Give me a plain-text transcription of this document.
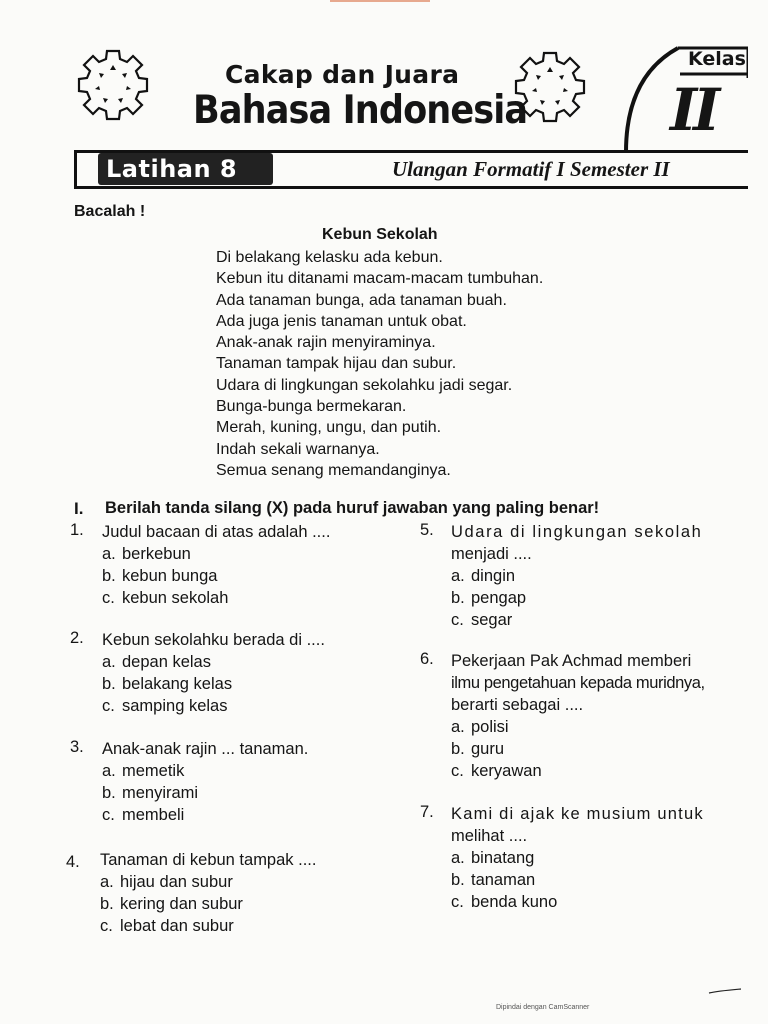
Cakap dan Juara
Bahasa Indonesia
Kelas
II
Latihan 8	Ulangan Formatif I Semester II
Bacalah !
Kebun Sekolah
Di belakang kelasku ada kebun.
Kebun itu ditanami macam-macam tumbuhan.
Ada tanaman bunga, ada tanaman buah.
Ada juga jenis tanaman untuk obat.
Anak-anak rajin menyiraminya.
Tanaman tampak hijau dan subur.
Udara di lingkungan sekolahku jadi segar.
Bunga-bunga bermekaran.
Merah, kuning, ungu, dan putih.
Indah sekali warnanya.
Semua senang memandanginya.
I. Berilah tanda silang (X) pada huruf jawaban yang paling benar!
1. Judul bacaan di atas adalah ....
a. berkebun
b. kebun bunga
c. kebun sekolah
2. Kebun sekolahku berada di ....
a. depan kelas
b. belakang kelas
c. samping kelas
3. Anak-anak rajin ... tanaman.
a. memetik
b. menyirami
c. membeli
4. Tanaman di kebun tampak ....
a. hijau dan subur
b. kering dan subur
c. lebat dan subur
5. Udara di lingkungan sekolah
menjadi ....
a. dingin
b. pengap
c. segar
6. Pekerjaan Pak Achmad memberi
ilmu pengetahuan kepada muridnya,
berarti sebagai ....
a. polisi
b. guru
c. keryawan
7. Kami di ajak ke musium untuk
melihat ....
a. binatang
b. tanaman
c. benda kuno
Dipindai dengan CamScanner
